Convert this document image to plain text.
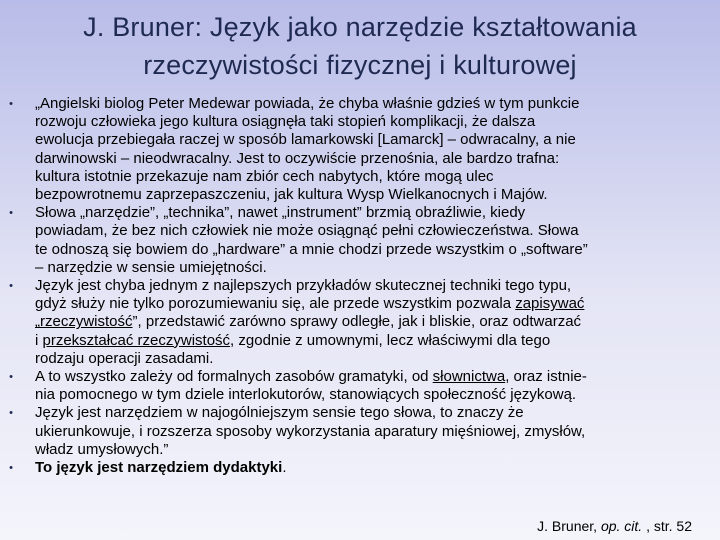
J. Bruner: Język jako narzędzie kształtowania
rzeczywistości fizycznej i kulturowej
• „Angielski biolog Peter Medewar powiada, że chyba właśnie gdzieś w tym punkcie
rozwoju człowieka jego kultura osiągnęła taki stopień komplikacji, że dalsza
ewolucja przebiegała raczej w sposób lamarkowski [Lamarck] – odwracalny, a nie
darwinowski – nieodwracalny. Jest to oczywiście przenośnia, ale bardzo trafna:
kultura istotnie przekazuje nam zbiór cech nabytych, które mogą ulec
bezpowrotnemu zaprzepaszczeniu, jak kultura Wysp Wielkanocnych i Majów.
• Słowa „narzędzie”, „technika”, nawet „instrument” brzmią obraźliwie, kiedy
powiadam, że bez nich człowiek nie może osiągnąć pełni człowieczeństwa. Słowa
te odnoszą się bowiem do „hardware” a mnie chodzi przede wszystkim o „software”
– narzędzie w sensie umiejętności.
• Język jest chyba jednym z najlepszych przykładów skutecznej techniki tego typu,
gdyż służy nie tylko porozumiewaniu się, ale przede wszystkim pozwala zapisywać
„rzeczywistość”, przedstawić zarówno sprawy odległe, jak i bliskie, oraz odtwarzać
i przekształcać rzeczywistość, zgodnie z umownymi, lecz właściwymi dla tego
rodzaju operacji zasadami.
• A to wszystko zależy od formalnych zasobów gramatyki, od słownictwa, oraz istnie-
nia pomocnego w tym dziele interlokutorów, stanowiących społeczność językową.
• Język jest narzędziem w najogólniejszym sensie tego słowa, to znaczy że
ukierunkowuje, i rozszerza sposoby wykorzystania aparatury mięśniowej, zmysłów,
władz umysłowych.”
• To język jest narzędziem dydaktyki.
J. Bruner, op. cit. , str. 52
